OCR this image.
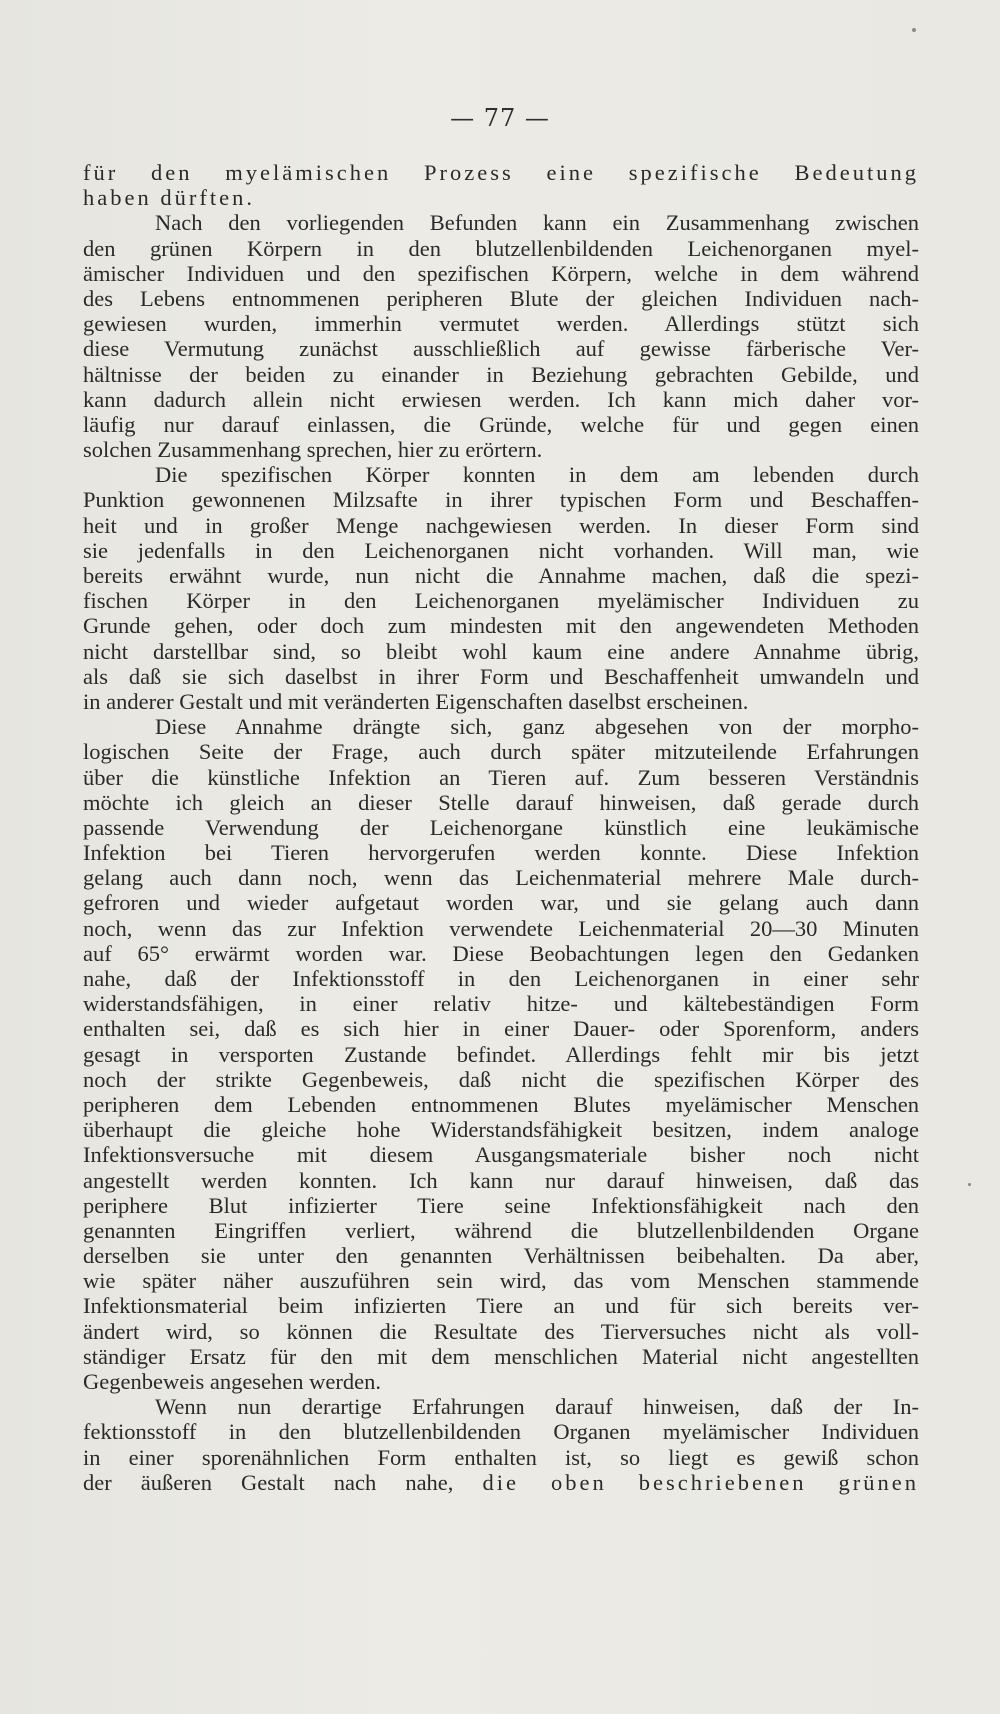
— 77 —
für den myelämischen Prozess eine spezifische Bedeutung
haben dürften.
Nach den vorliegenden Befunden kann ein Zusammenhang zwischen
den grünen Körpern in den blutzellenbildenden Leichenorganen myel-
ämischer Individuen und den spezifischen Körpern, welche in dem während
des Lebens entnommenen peripheren Blute der gleichen Individuen nach-
gewiesen wurden, immerhin vermutet werden. Allerdings stützt sich
diese Vermutung zunächst ausschließlich auf gewisse färberische Ver-
hältnisse der beiden zu einander in Beziehung gebrachten Gebilde, und
kann dadurch allein nicht erwiesen werden. Ich kann mich daher vor-
läufig nur darauf einlassen, die Gründe, welche für und gegen einen
solchen Zusammenhang sprechen, hier zu erörtern.
Die spezifischen Körper konnten in dem am lebenden durch
Punktion gewonnenen Milzsafte in ihrer typischen Form und Beschaffen-
heit und in großer Menge nachgewiesen werden. In dieser Form sind
sie jedenfalls in den Leichenorganen nicht vorhanden. Will man, wie
bereits erwähnt wurde, nun nicht die Annahme machen, daß die spezi-
fischen Körper in den Leichenorganen myelämischer Individuen zu
Grunde gehen, oder doch zum mindesten mit den angewendeten Methoden
nicht darstellbar sind, so bleibt wohl kaum eine andere Annahme übrig,
als daß sie sich daselbst in ihrer Form und Beschaffenheit umwandeln und
in anderer Gestalt und mit veränderten Eigenschaften daselbst erscheinen.
Diese Annahme drängte sich, ganz abgesehen von der morpho-
logischen Seite der Frage, auch durch später mitzuteilende Erfahrungen
über die künstliche Infektion an Tieren auf. Zum besseren Verständnis
möchte ich gleich an dieser Stelle darauf hinweisen, daß gerade durch
passende Verwendung der Leichenorgane künstlich eine leukämische
Infektion bei Tieren hervorgerufen werden konnte. Diese Infektion
gelang auch dann noch, wenn das Leichenmaterial mehrere Male durch-
gefroren und wieder aufgetaut worden war, und sie gelang auch dann
noch, wenn das zur Infektion verwendete Leichenmaterial 20—30 Minuten
auf 65° erwärmt worden war. Diese Beobachtungen legen den Gedanken
nahe, daß der Infektionsstoff in den Leichenorganen in einer sehr
widerstandsfähigen, in einer relativ hitze- und kältebeständigen Form
enthalten sei, daß es sich hier in einer Dauer- oder Sporenform, anders
gesagt in versporten Zustande befindet. Allerdings fehlt mir bis jetzt
noch der strikte Gegenbeweis, daß nicht die spezifischen Körper des
peripheren dem Lebenden entnommenen Blutes myelämischer Menschen
überhaupt die gleiche hohe Widerstandsfähigkeit besitzen, indem analoge
Infektionsversuche mit diesem Ausgangsmateriale bisher noch nicht
angestellt werden konnten. Ich kann nur darauf hinweisen, daß das
periphere Blut infizierter Tiere seine Infektionsfähigkeit nach den
genannten Eingriffen verliert, während die blutzellenbildenden Organe
derselben sie unter den genannten Verhältnissen beibehalten. Da aber,
wie später näher auszuführen sein wird, das vom Menschen stammende
Infektionsmaterial beim infizierten Tiere an und für sich bereits ver-
ändert wird, so können die Resultate des Tierversuches nicht als voll-
ständiger Ersatz für den mit dem menschlichen Material nicht angestellten
Gegenbeweis angesehen werden.
Wenn nun derartige Erfahrungen darauf hinweisen, daß der In-
fektionsstoff in den blutzellenbildenden Organen myelämischer Individuen
in einer sporenähnlichen Form enthalten ist, so liegt es gewiß schon
der äußeren Gestalt nach nahe, die oben beschriebenen grünen
